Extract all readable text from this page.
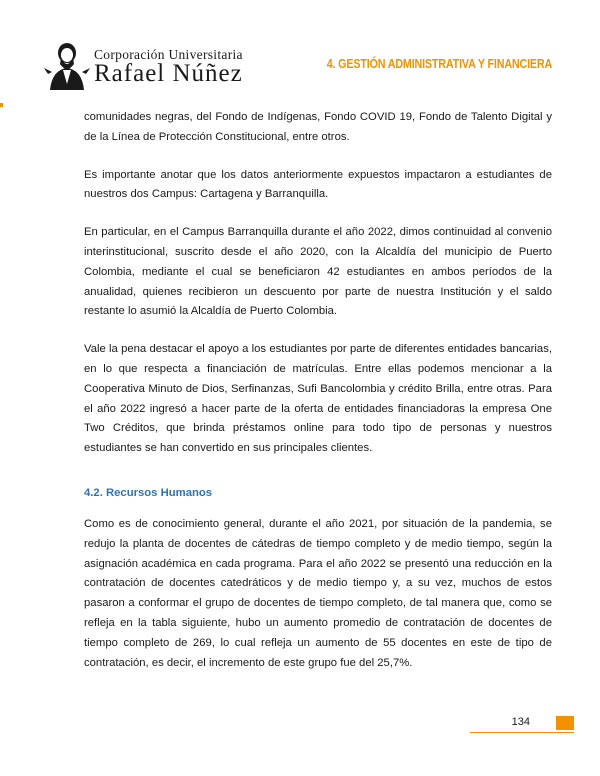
Corporación Universitaria
Rafael Núñez	4. GESTIÓN ADMINISTRATIVA Y FINANCIERA

comunidades negras, del Fondo de Indígenas, Fondo COVID 19, Fondo de Talento Digital y de la Línea de Protección Constitucional, entre otros.

Es importante anotar que los datos anteriormente expuestos impactaron a estudiantes de nuestros dos Campus: Cartagena y Barranquilla.

En particular, en el Campus Barranquilla durante el año 2022, dimos continuidad al convenio interinstitucional, suscrito desde el año 2020, con la Alcaldía del municipio de Puerto Colombia, mediante el cual se beneficiaron 42 estudiantes en ambos períodos de la anualidad, quienes recibieron un descuento por parte de nuestra Institución y el saldo restante lo asumió la Alcaldía de Puerto Colombia.

Vale la pena destacar el apoyo a los estudiantes por parte de diferentes entidades bancarias, en lo que respecta a financiación de matrículas. Entre ellas podemos mencionar a la Cooperativa Minuto de Dios, Serfinanzas, Sufi Bancolombia y crédito Brilla, entre otras. Para el año 2022 ingresó a hacer parte de la oferta de entidades financiadoras la empresa One Two Créditos, que brinda préstamos online para todo tipo de personas y nuestros estudiantes se han convertido en sus principales clientes.

4.2. Recursos Humanos

Como es de conocimiento general, durante el año 2021, por situación de la pandemia, se redujo la planta de docentes de cátedras de tiempo completo y de medio tiempo, según la asignación académica en cada programa. Para el año 2022 se presentó una reducción en la contratación de docentes catedráticos y de medio tiempo y, a su vez, muchos de estos pasaron a conformar el grupo de docentes de tiempo completo, de tal manera que, como se refleja en la tabla siguiente, hubo un aumento promedio de contratación de docentes de tiempo completo de 269, lo cual refleja un aumento de 55 docentes en este de tipo de contratación, es decir, el incremento de este grupo fue del 25,7%.

134
